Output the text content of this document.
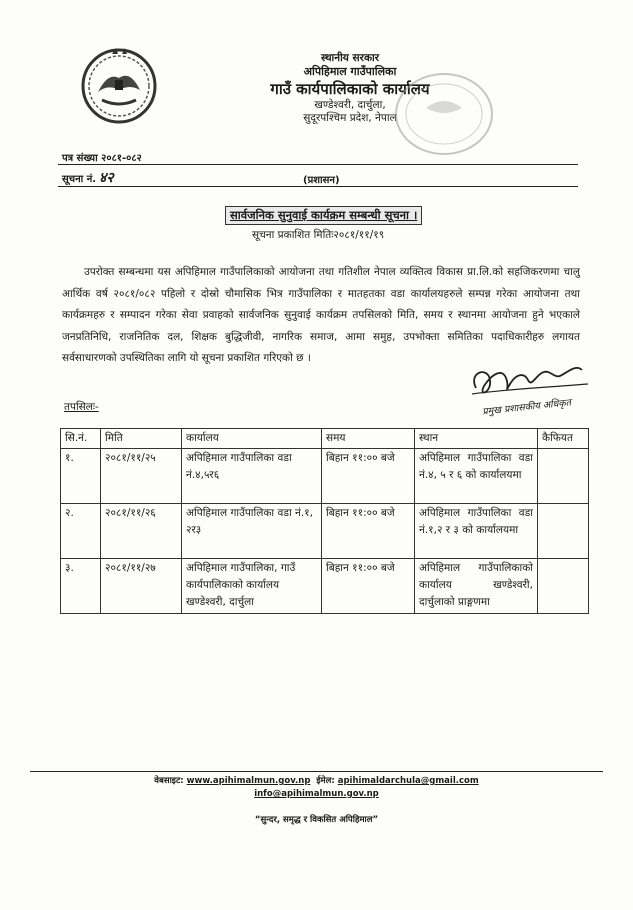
स्थानीय सरकार
अपिहिमाल गाउँपालिका
गाउँ कार्यपालिकाको कार्यालय
खण्डेश्वरी, दार्चुला,
सुदूरपश्चिम प्रदेश, नेपाल
पत्र संख्या २०८१-०८२
सूचना नं. ४२	(प्रशासन)
सार्वजनिक सुनुवाई कार्यक्रम सम्बन्धी सूचना ।
सूचना प्रकाशित मितिः२०८१/११/१९
उपरोक्त सम्बन्धमा यस अपिहिमाल गाउँपालिकाको आयोजना तथा गतिशील नेपाल व्यक्तित्व विकास प्रा.लि.को सहजिकरणमा चालु आर्थिक वर्ष २०८१/०८२ पहिलो र दोस्रो चौमासिक भित्र गाउँपालिका र मातहतका वडा कार्यालयहरुले सम्पन्न गरेका आयोजना तथा कार्यक्रमहरु र सम्पादन गरेका सेवा प्रवाहको सार्वजनिक सुनुवाई कार्यक्रम तपसिलको मिति, समय र स्थानमा आयोजना हुने भएकाले जनप्रतिनिधि, राजनितिक दल, शिक्षक बुद्धिजीवी, नागरिक समाज, आमा समुह, उपभोक्ता समितिका पदाधिकारीहरु लगायत सर्वसाधारणको उपस्थितिका लागि यो सूचना प्रकाशित गरिएको छ ।
तपसिलः-	प्रमुख प्रशासकीय अधिकृत
सि.नं.	मिति	कार्यालय	समय	स्थान	कैफियत
१.	२०८१/११/२५	अपिहिमाल गाउँपालिका वडा नं.४,५र६	बिहान ११:०० बजे	अपिहिमाल गाउँपालिका वडा नं.४, ५ र ६ को कार्यालयमा	
२.	२०८१/११/२६	अपिहिमाल गाउँपालिका वडा नं.१, २र३	बिहान ११:०० बजे	अपिहिमाल गाउँपालिका वडा नं.१,२ र ३ को कार्यालयमा	
३.	२०८१/११/२७	अपिहिमाल गाउँपालिका, गाउँ कार्यपालिकाको कार्यालय खण्डेश्वरी, दार्चुला	बिहान ११:०० बजे	अपिहिमाल गाउँपालिकाको कार्यालय खण्डेश्वरी, दार्चुलाको प्राङ्गणमा	
वेबसाइट: www.apihimalmun.gov.np ईमेल: apihimaldarchula@gmail.com
info@apihimalmun.gov.np
“सुन्दर, समृद्ध र विकसित अपिहिमाल”
